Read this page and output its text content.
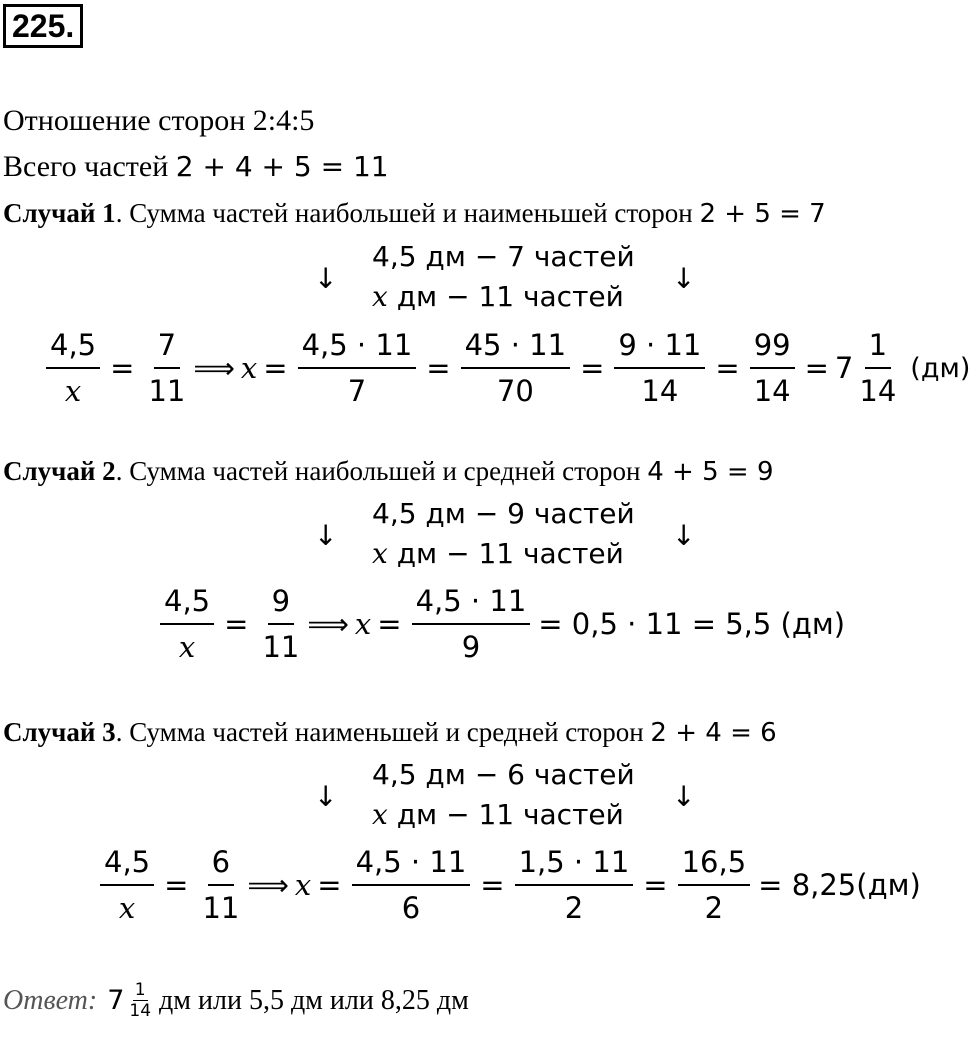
225.
Отношение сторон 2:4:5
Всего частей 2 + 4 + 5 = 11
Случай 1. Сумма частей наибольшей и наименьшей сторон 2 + 5 = 7
↓	↓
4,5 дм − 7 частей
x дм − 11 частей
$\frac{4,5}{x} = \frac{7}{11}$ ⟹ $x = \frac{4,5 \cdot 11}{7} = \frac{45 \cdot 11}{70} = \frac{9 \cdot 11}{14} = \frac{99}{14} = 7 \frac{1}{14} (дм)$
Случай 2. Сумма частей наибольшей и средней сторон 4 + 5 = 9
↓	↓
4,5 дм − 9 частей
x дм − 11 частей
$\frac{4,5}{x} = \frac{9}{11}$ ⟹ $x = \frac{4,5 \cdot 11}{9} = 0,5 \cdot 11 = 5,5$ (дм)
Случай 3. Сумма частей наименьшей и средней сторон 2 + 4 = 6
↓	↓
4,5 дм − 6 частей
x дм − 11 частей
$\frac{4,5}{x} = \frac{6}{11}$ ⟹ $x = \frac{4,5 \cdot 11}{6} = \frac{1,5 \cdot 11}{2} = \frac{16,5}{2} = 8,25(дм)$
Ответ: $7 \frac{1}{14}$ дм или 5,5 дм или 8,25 дм
